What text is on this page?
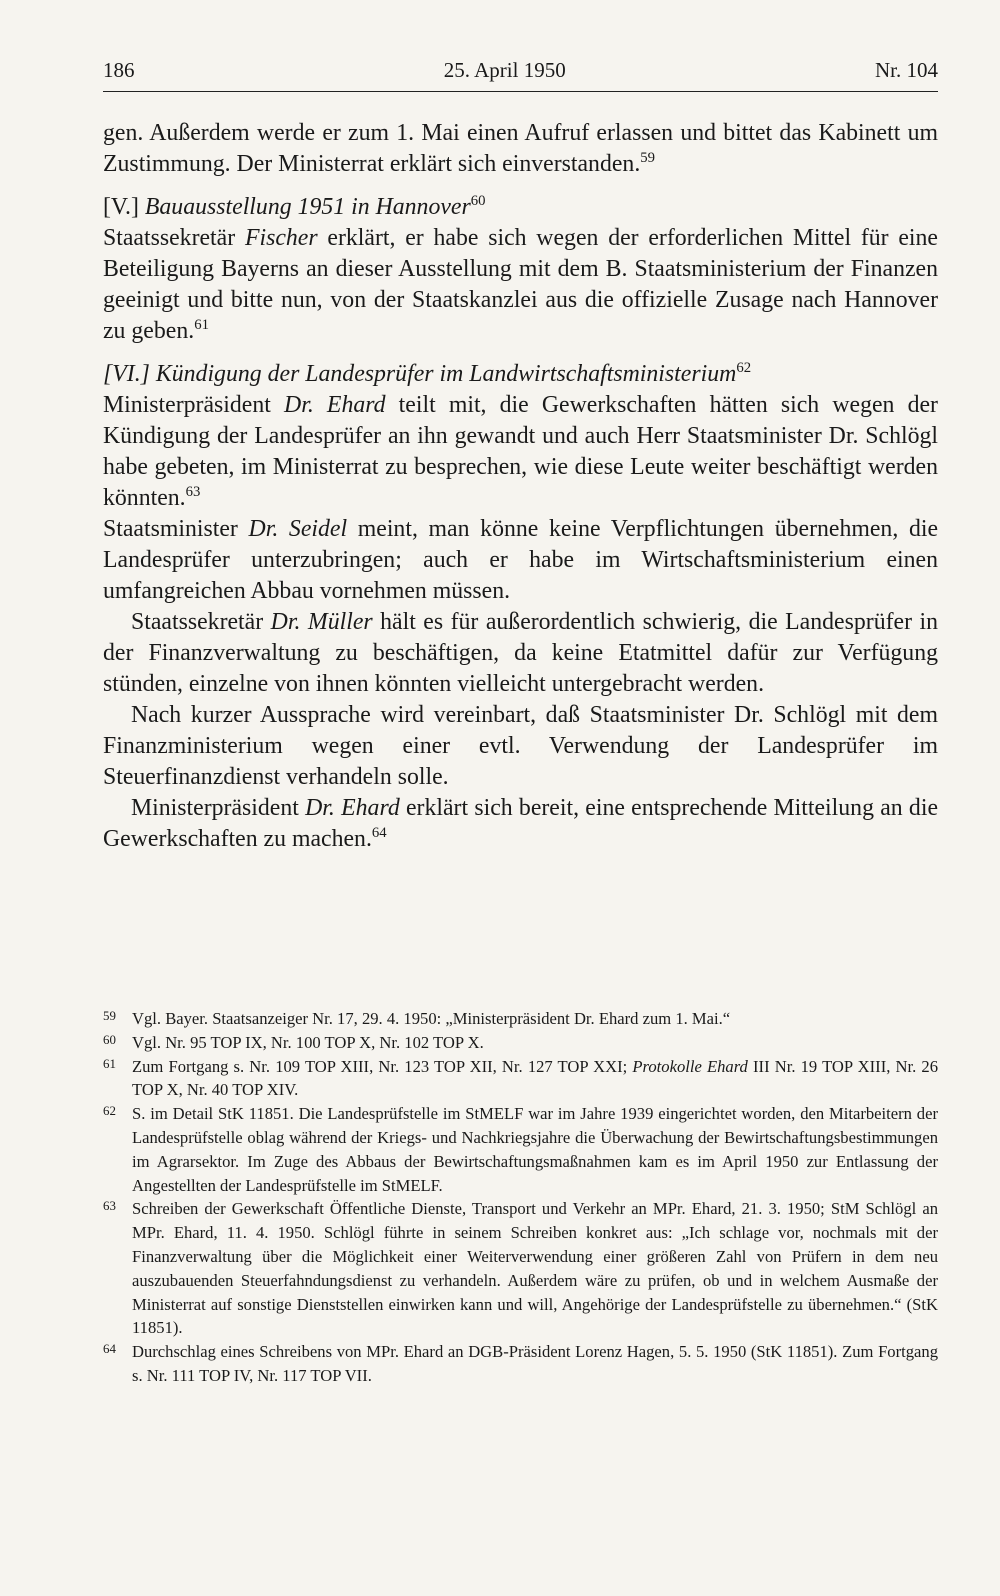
186	25. April 1950	Nr. 104

gen. Außerdem werde er zum 1. Mai einen Aufruf erlassen und bittet das Kabinett um Zustimmung. Der Ministerrat erklärt sich einverstanden.$^{59}$

[V.] Bauausstellung 1951 in Hannover$^{60}$

Staatssekretär Fischer erklärt, er habe sich wegen der erforderlichen Mittel für eine Beteiligung Bayerns an dieser Ausstellung mit dem B. Staatsministerium der Finanzen geeinigt und bitte nun, von der Staatskanzlei aus die offizielle Zusage nach Hannover zu geben.$^{61}$

[VI.] Kündigung der Landesprüfer im Landwirtschaftsministerium$^{62}$

Ministerpräsident Dr. Ehard teilt mit, die Gewerkschaften hätten sich wegen der Kündigung der Landesprüfer an ihn gewandt und auch Herr Staatsminister Dr. Schlögl habe gebeten, im Ministerrat zu besprechen, wie diese Leute weiter beschäftigt werden könnten.$^{63}$

Staatsminister Dr. Seidel meint, man könne keine Verpflichtungen übernehmen, die Landesprüfer unterzubringen; auch er habe im Wirtschaftsministerium einen umfangreichen Abbau vornehmen müssen.

Staatssekretär Dr. Müller hält es für außerordentlich schwierig, die Landesprüfer in der Finanzverwaltung zu beschäftigen, da keine Etatmittel dafür zur Verfügung stünden, einzelne von ihnen könnten vielleicht untergebracht werden.

Nach kurzer Aussprache wird vereinbart, daß Staatsminister Dr. Schlögl mit dem Finanzministerium wegen einer evtl. Verwendung der Landesprüfer im Steuerfinanzdienst verhandeln solle.

Ministerpräsident Dr. Ehard erklärt sich bereit, eine entsprechende Mitteilung an die Gewerkschaften zu machen.$^{64}$

59 Vgl. Bayer. Staatsanzeiger Nr. 17, 29. 4. 1950: „Ministerpräsident Dr. Ehard zum 1. Mai.“
60 Vgl. Nr. 95 TOP IX, Nr. 100 TOP X, Nr. 102 TOP X.
61 Zum Fortgang s. Nr. 109 TOP XIII, Nr. 123 TOP XII, Nr. 127 TOP XXI; Protokolle Ehard III Nr. 19 TOP XIII, Nr. 26 TOP X, Nr. 40 TOP XIV.
62 S. im Detail StK 11851. Die Landesprüfstelle im StMELF war im Jahre 1939 eingerichtet worden, den Mitarbeitern der Landesprüfstelle oblag während der Kriegs- und Nachkriegsjahre die Überwachung der Bewirtschaftungsbestimmungen im Agrarsektor. Im Zuge des Abbaus der Bewirtschaftungsmaßnahmen kam es im April 1950 zur Entlassung der Angestellten der Landesprüfstelle im StMELF.
63 Schreiben der Gewerkschaft Öffentliche Dienste, Transport und Verkehr an MPr. Ehard, 21. 3. 1950; StM Schlögl an MPr. Ehard, 11. 4. 1950. Schlögl führte in seinem Schreiben konkret aus: „Ich schlage vor, nochmals mit der Finanzverwaltung über die Möglichkeit einer Weiterverwendung einer größeren Zahl von Prüfern in dem neu auszubauenden Steuerfahndungsdienst zu verhandeln. Außerdem wäre zu prüfen, ob und in welchem Ausmaße der Ministerrat auf sonstige Dienststellen einwirken kann und will, Angehörige der Landesprüfstelle zu übernehmen.“ (StK 11851).
64 Durchschlag eines Schreibens von MPr. Ehard an DGB-Präsident Lorenz Hagen, 5. 5. 1950 (StK 11851). Zum Fortgang s. Nr. 111 TOP IV, Nr. 117 TOP VII.
